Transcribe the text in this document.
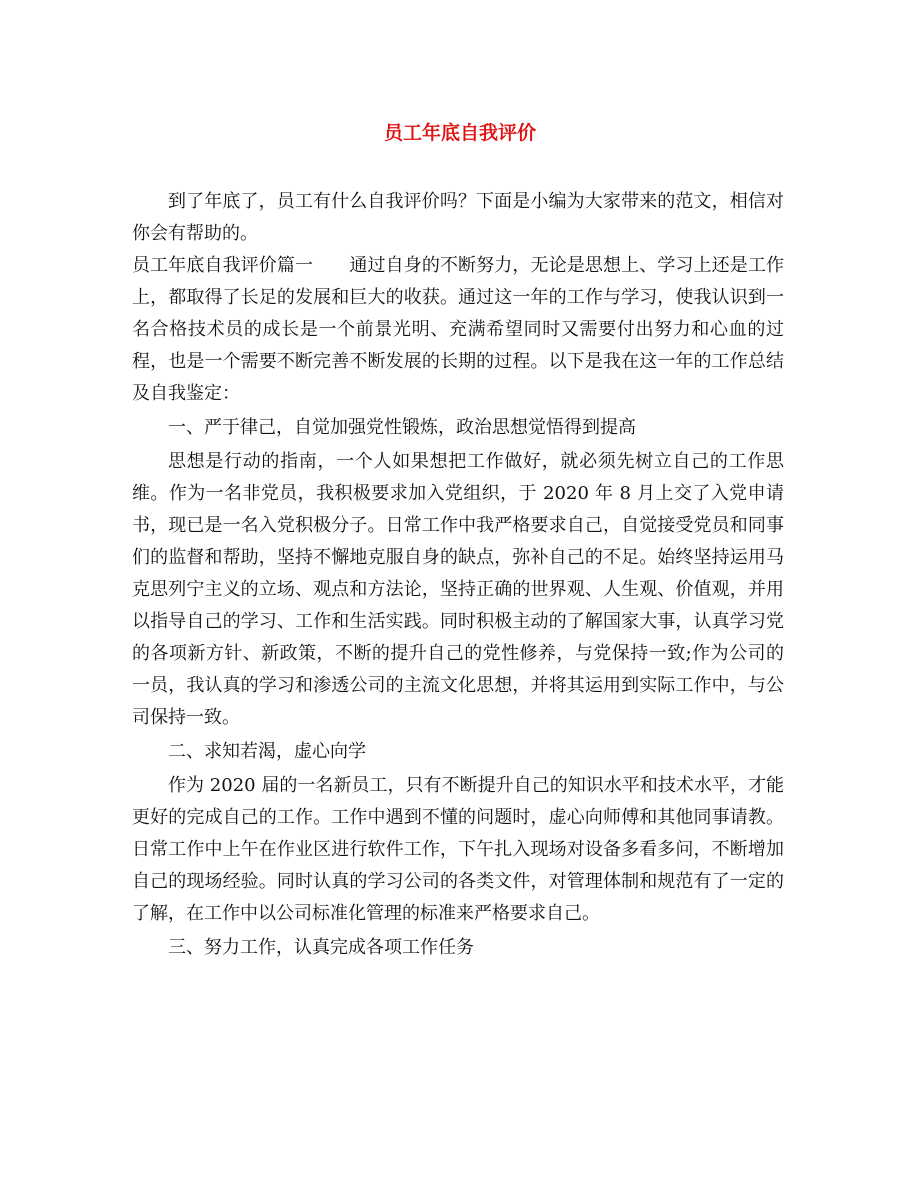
员工年底自我评价

到了年底了，员工有什么自我评价吗？下面是小编为大家带来的范文，相信对你会有帮助的。

员工年底自我评价篇一　　通过自身的不断努力，无论是思想上、学习上还是工作上，都取得了长足的发展和巨大的收获。通过这一年的工作与学习，使我认识到一名合格技术员的成长是一个前景光明、充满希望同时又需要付出努力和心血的过程，也是一个需要不断完善不断发展的长期的过程。以下是我在这一年的工作总结及自我鉴定：

一、严于律己，自觉加强党性锻炼，政治思想觉悟得到提高

思想是行动的指南，一个人如果想把工作做好，就必须先树立自己的工作思维。作为一名非党员，我积极要求加入党组织，于 2020 年 8 月上交了入党申请书，现已是一名入党积极分子。日常工作中我严格要求自己，自觉接受党员和同事们的监督和帮助，坚持不懈地克服自身的缺点，弥补自己的不足。始终坚持运用马克思列宁主义的立场、观点和方法论，坚持正确的世界观、人生观、价值观，并用以指导自己的学习、工作和生活实践。同时积极主动的了解国家大事，认真学习党的各项新方针、新政策，不断的提升自己的党性修养，与党保持一致;作为公司的一员，我认真的学习和渗透公司的主流文化思想，并将其运用到实际工作中，与公司保持一致。

二、求知若渴，虚心向学

作为 2020 届的一名新员工，只有不断提升自己的知识水平和技术水平，才能更好的完成自己的工作。工作中遇到不懂的问题时，虚心向师傅和其他同事请教。日常工作中上午在作业区进行软件工作，下午扎入现场对设备多看多问，不断增加自己的现场经验。同时认真的学习公司的各类文件，对管理体制和规范有了一定的了解，在工作中以公司标准化管理的标准来严格要求自己。

三、努力工作，认真完成各项工作任务
